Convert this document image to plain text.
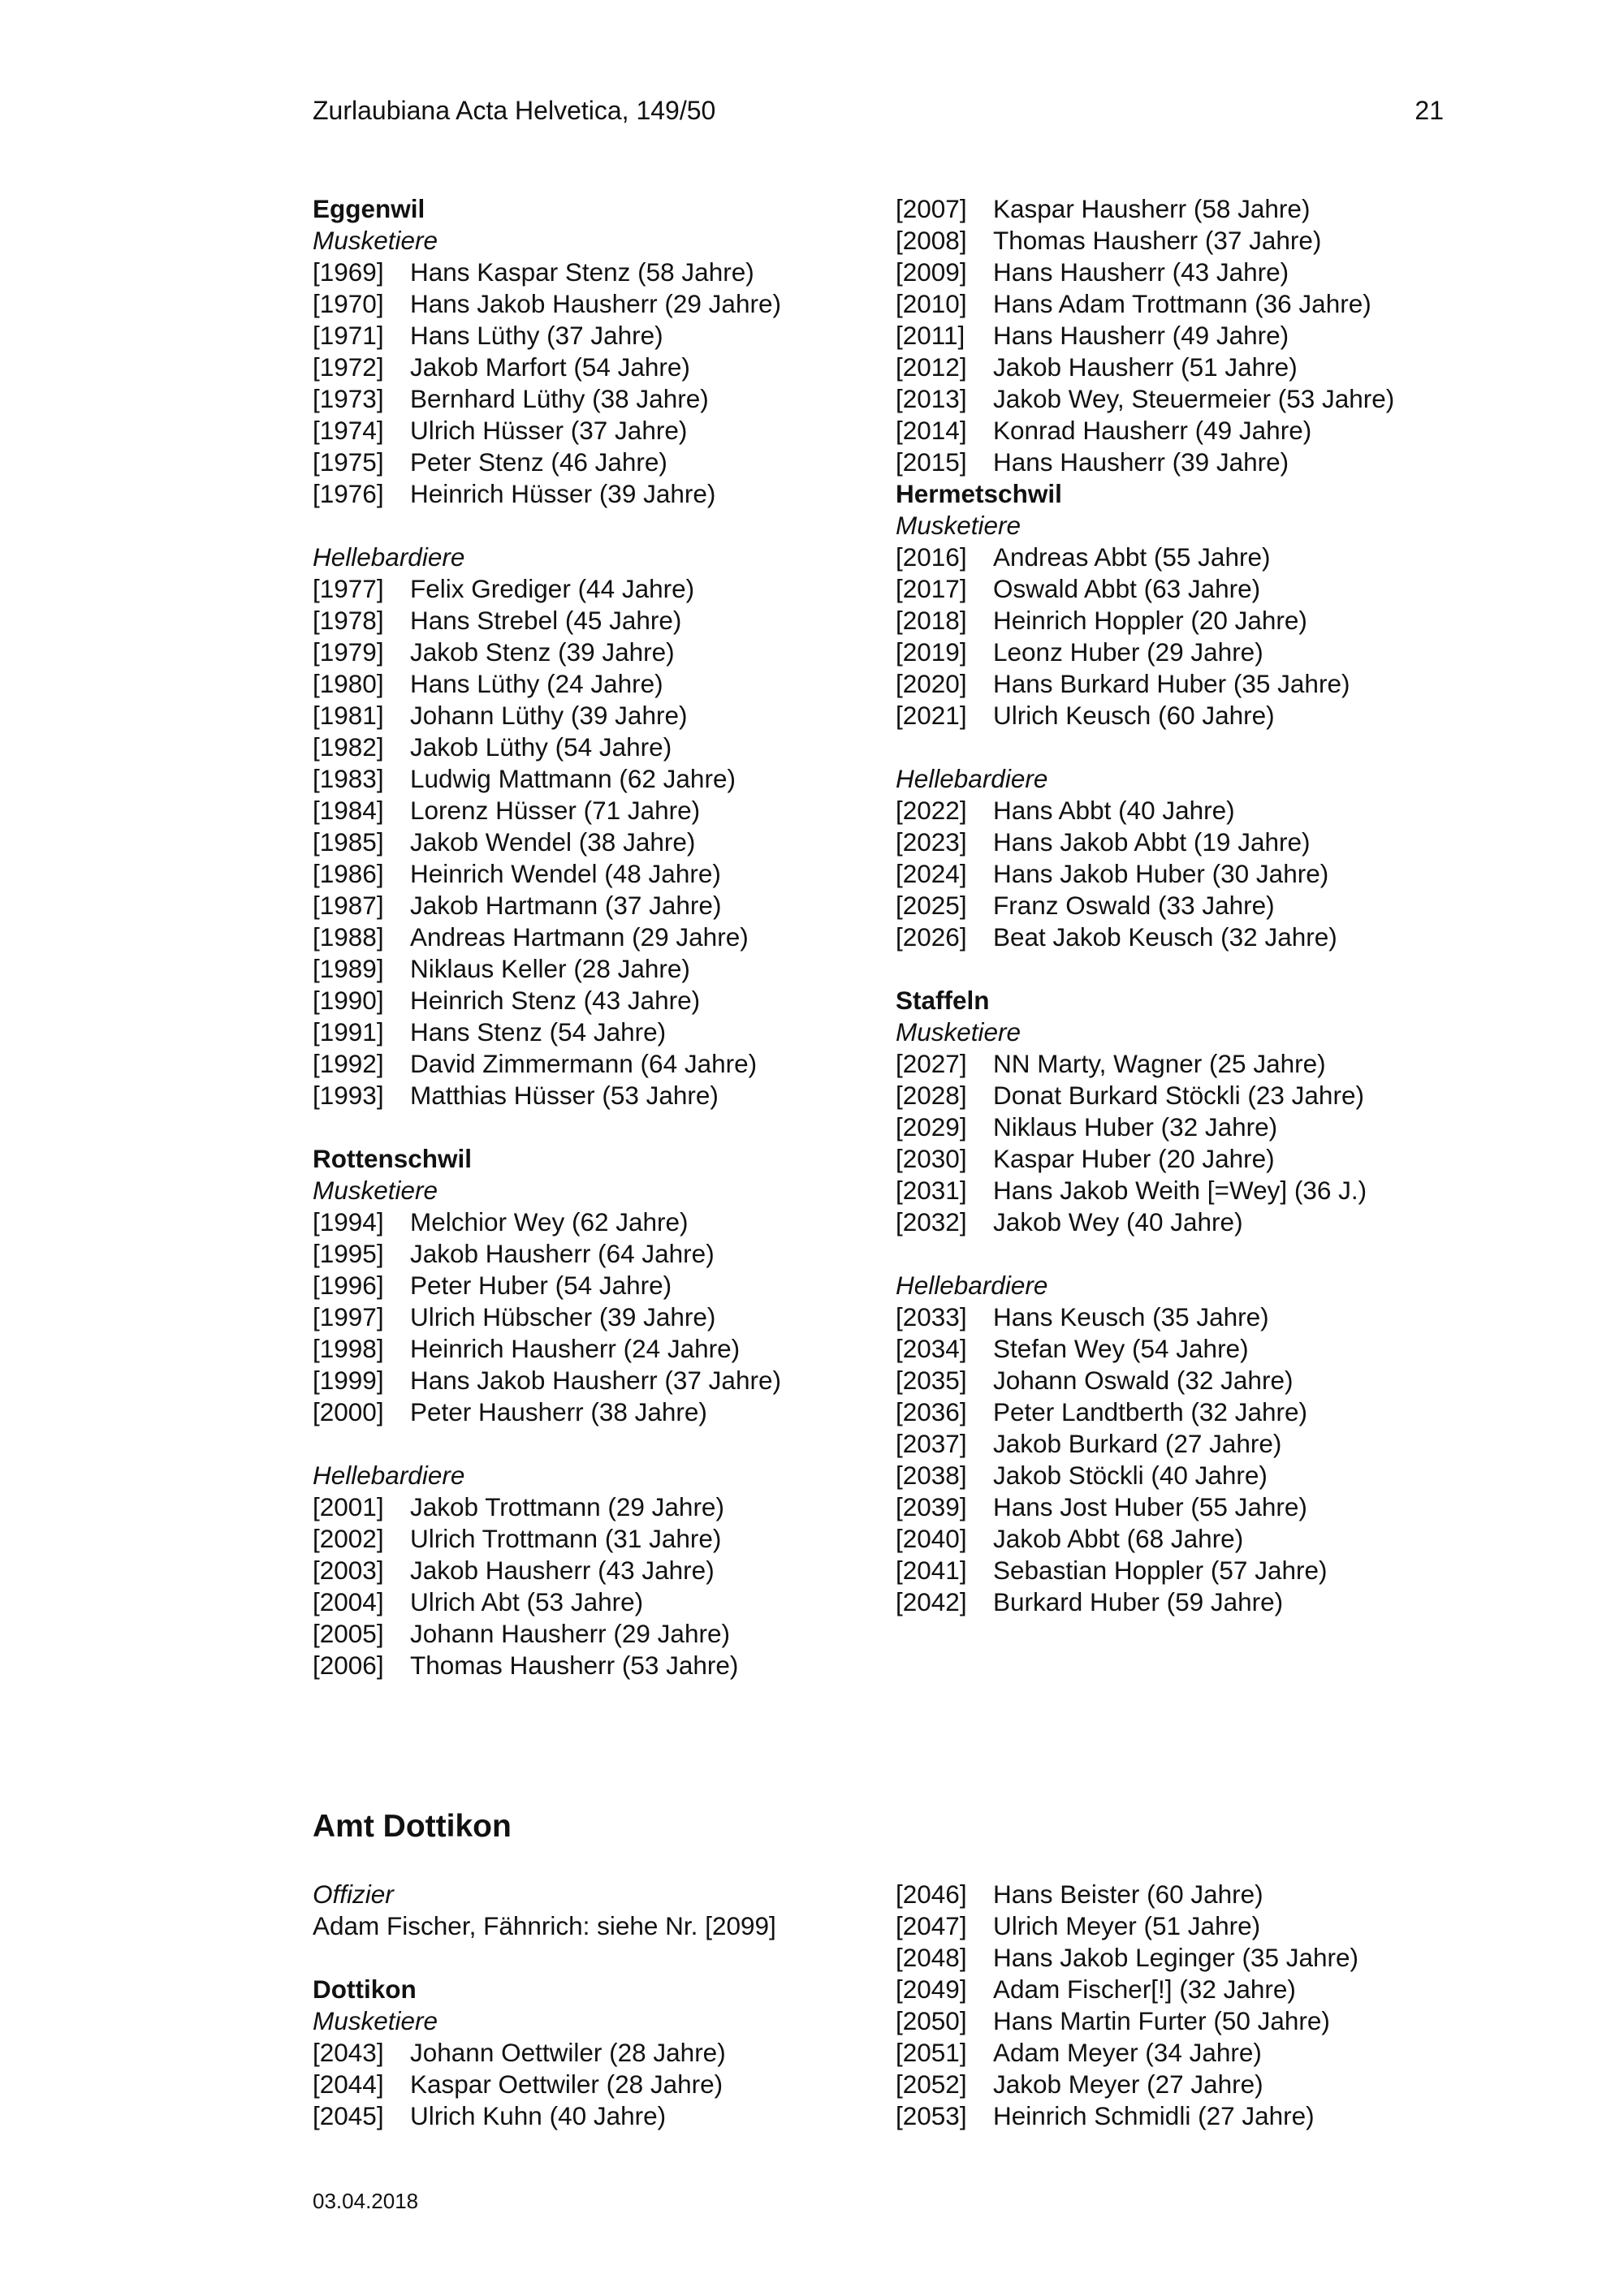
Zurlaubiana Acta Helvetica, 149/50	21
Eggenwil
Musketiere
[1969] Hans Kaspar Stenz (58 Jahre)
[1970] Hans Jakob Hausherr (29 Jahre)
[1971] Hans Lüthy (37 Jahre)
[1972] Jakob Marfort (54 Jahre)
[1973] Bernhard Lüthy (38 Jahre)
[1974] Ulrich Hüsser (37 Jahre)
[1975] Peter Stenz (46 Jahre)
[1976] Heinrich Hüsser (39 Jahre)
Hellebardiere
[1977] Felix Grediger (44 Jahre)
[1978] Hans Strebel (45 Jahre)
[1979] Jakob Stenz (39 Jahre)
[1980] Hans Lüthy (24 Jahre)
[1981] Johann Lüthy (39 Jahre)
[1982] Jakob Lüthy (54 Jahre)
[1983] Ludwig Mattmann (62 Jahre)
[1984] Lorenz Hüsser (71 Jahre)
[1985] Jakob Wendel (38 Jahre)
[1986] Heinrich Wendel (48 Jahre)
[1987] Jakob Hartmann (37 Jahre)
[1988] Andreas Hartmann (29 Jahre)
[1989] Niklaus Keller (28 Jahre)
[1990] Heinrich Stenz (43 Jahre)
[1991] Hans Stenz (54 Jahre)
[1992] David Zimmermann (64 Jahre)
[1993] Matthias Hüsser (53 Jahre)
Rottenschwil
Musketiere
[1994] Melchior Wey (62 Jahre)
[1995] Jakob Hausherr (64 Jahre)
[1996] Peter Huber (54 Jahre)
[1997] Ulrich Hübscher (39 Jahre)
[1998] Heinrich Hausherr (24 Jahre)
[1999] Hans Jakob Hausherr (37 Jahre)
[2000] Peter Hausherr (38 Jahre)
Hellebardiere
[2001] Jakob Trottmann (29 Jahre)
[2002] Ulrich Trottmann (31 Jahre)
[2003] Jakob Hausherr (43 Jahre)
[2004] Ulrich Abt (53 Jahre)
[2005] Johann Hausherr (29 Jahre)
[2006] Thomas Hausherr (53 Jahre)
[2007] Kaspar Hausherr (58 Jahre)
[2008] Thomas Hausherr (37 Jahre)
[2009] Hans Hausherr (43 Jahre)
[2010] Hans Adam Trottmann (36 Jahre)
[2011] Hans Hausherr (49 Jahre)
[2012] Jakob Hausherr (51 Jahre)
[2013] Jakob Wey, Steuermeier (53 Jahre)
[2014] Konrad Hausherr (49 Jahre)
[2015] Hans Hausherr (39 Jahre)
Hermetschwil
Musketiere
[2016] Andreas Abbt (55 Jahre)
[2017] Oswald Abbt (63 Jahre)
[2018] Heinrich Hoppler (20 Jahre)
[2019] Leonz Huber (29 Jahre)
[2020] Hans Burkard Huber (35 Jahre)
[2021] Ulrich Keusch (60 Jahre)
Hellebardiere
[2022] Hans Abbt (40 Jahre)
[2023] Hans Jakob Abbt (19 Jahre)
[2024] Hans Jakob Huber (30 Jahre)
[2025] Franz Oswald (33 Jahre)
[2026] Beat Jakob Keusch (32 Jahre)
Staffeln
Musketiere
[2027] NN Marty, Wagner (25 Jahre)
[2028] Donat Burkard Stöckli (23 Jahre)
[2029] Niklaus Huber (32 Jahre)
[2030] Kaspar Huber (20 Jahre)
[2031] Hans Jakob Weith [=Wey] (36 J.)
[2032] Jakob Wey (40 Jahre)
Hellebardiere
[2033] Hans Keusch (35 Jahre)
[2034] Stefan Wey (54 Jahre)
[2035] Johann Oswald (32 Jahre)
[2036] Peter Landtberth (32 Jahre)
[2037] Jakob Burkard (27 Jahre)
[2038] Jakob Stöckli (40 Jahre)
[2039] Hans Jost Huber (55 Jahre)
[2040] Jakob Abbt (68 Jahre)
[2041] Sebastian Hoppler (57 Jahre)
[2042] Burkard Huber (59 Jahre)
Amt Dottikon
Offizier
Adam Fischer, Fähnrich: siehe Nr. [2099]
Dottikon
Musketiere
[2043] Johann Oettwiler (28 Jahre)
[2044] Kaspar Oettwiler (28 Jahre)
[2045] Ulrich Kuhn (40 Jahre)
[2046] Hans Beister (60 Jahre)
[2047] Ulrich Meyer (51 Jahre)
[2048] Hans Jakob Leginger (35 Jahre)
[2049] Adam Fischer[!] (32 Jahre)
[2050] Hans Martin Furter (50 Jahre)
[2051] Adam Meyer (34 Jahre)
[2052] Jakob Meyer (27 Jahre)
[2053] Heinrich Schmidli (27 Jahre)
03.04.2018
